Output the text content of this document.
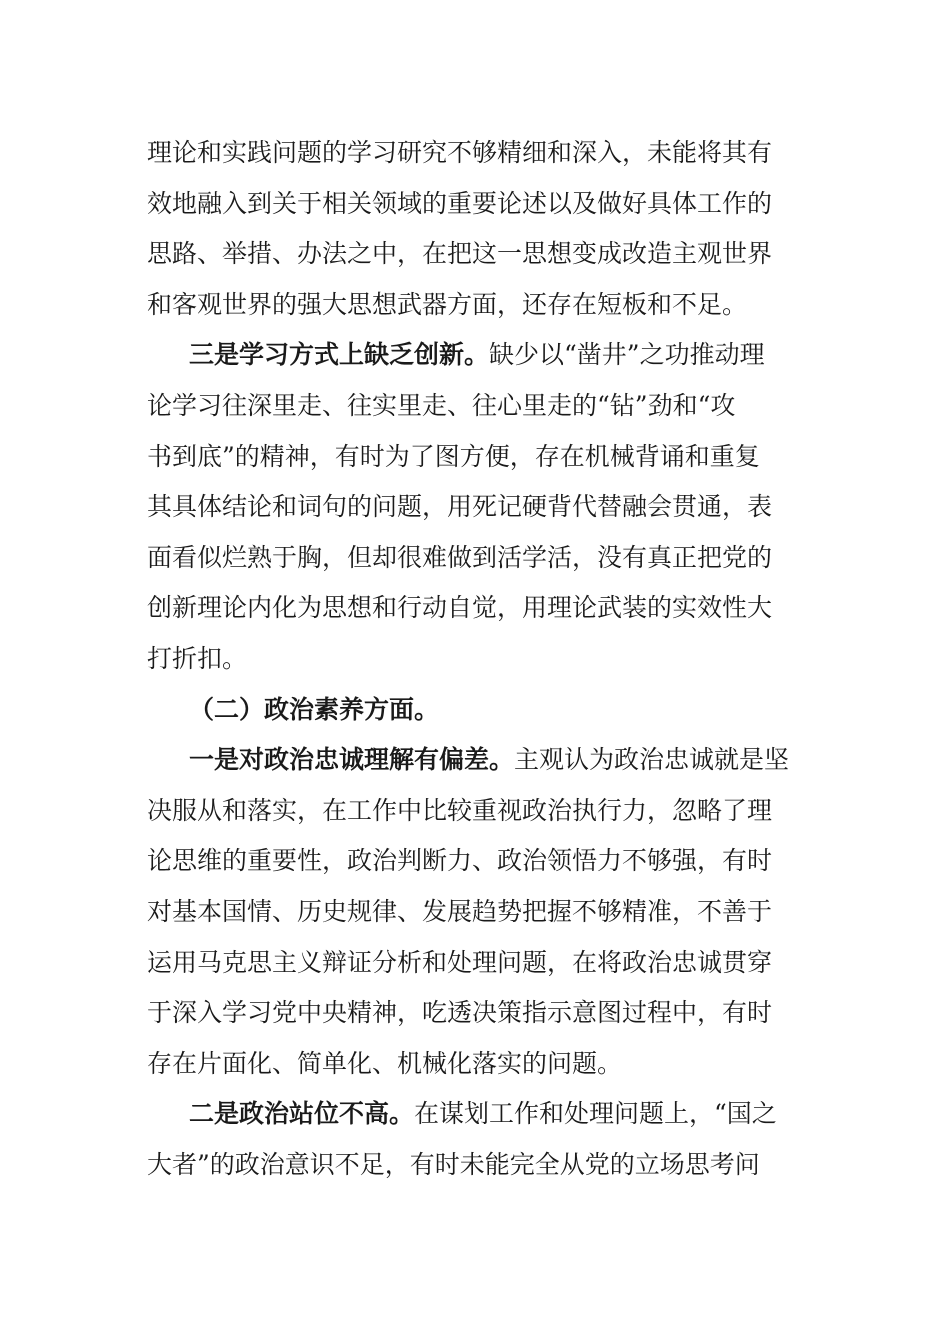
理论和实践问题的学习研究不够精细和深入，未能将其有
效地融入到关于相关领域的重要论述以及做好具体工作的
思路、举措、办法之中，在把这一思想变成改造主观世界
和客观世界的强大思想武器方面，还存在短板和不足。
三是学习方式上缺乏创新。缺少以“凿井”之功推动理
论学习往深里走、往实里走、往心里走的“钻”劲和“攻
书到底”的精神，有时为了图方便，存在机械背诵和重复
其具体结论和词句的问题，用死记硬背代替融会贯通，表
面看似烂熟于胸，但却很难做到活学活，没有真正把党的
创新理论内化为思想和行动自觉，用理论武装的实效性大
打折扣。
（二）政治素养方面。
一是对政治忠诚理解有偏差。主观认为政治忠诚就是坚
决服从和落实，在工作中比较重视政治执行力，忽略了理
论思维的重要性，政治判断力、政治领悟力不够强，有时
对基本国情、历史规律、发展趋势把握不够精准，不善于
运用马克思主义辩证分析和处理问题，在将政治忠诚贯穿
于深入学习党中央精神，吃透决策指示意图过程中，有时
存在片面化、简单化、机械化落实的问题。
二是政治站位不高。在谋划工作和处理问题上，“国之
大者”的政治意识不足，有时未能完全从党的立场思考问
